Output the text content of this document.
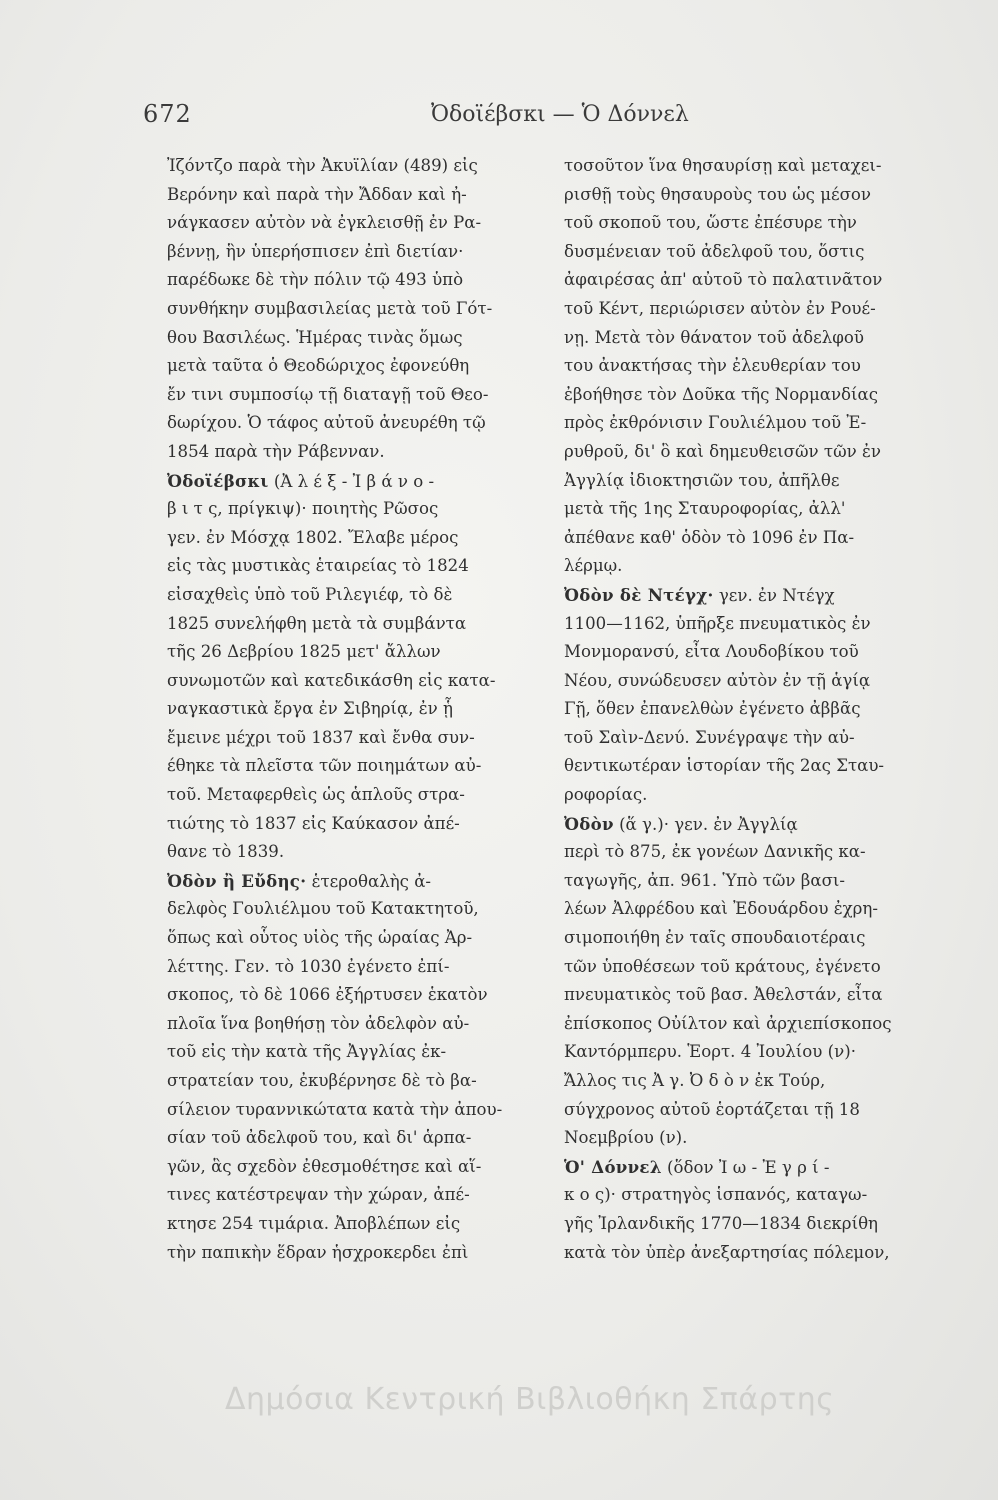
672	Ὀδοϊέβσκι — Ὁ Δόννελ
Ἰζόντζο παρὰ τὴν Ἀκυϊλίαν (489) εἰς
Βερόνην καὶ παρὰ τὴν Ἄδδαν καὶ ἠ-
νάγκασεν αὐτὸν νὰ ἐγκλεισθῇ ἐν Ρα-
βέννῃ, ἣν ὑπερήσπισεν ἐπὶ διετίαν·
παρέδωκε δὲ τὴν πόλιν τῷ 493 ὑπὸ
συνθήκην συμβασιλείας μετὰ τοῦ Γότ-
θου Βασιλέως. Ἡμέρας τινὰς ὅμως
μετὰ ταῦτα ὁ Θεοδώριχος ἐφονεύθη
ἔν τινι συμποσίῳ τῇ διαταγῇ τοῦ Θεο-
δωρίχου. Ὁ τάφος αὐτοῦ ἀνευρέθη τῷ
1854 παρὰ τὴν Ράβενναν.
Ὀδοϊέβσκι (Ἀ λ έ ξ - Ἰ β ά ν ο -
β ι τ ς, πρίγκιψ)· ποιητὴς Ρῶσος
γεν. ἐν Μόσχᾳ 1802. Ἔλαβε μέρος
εἰς τὰς μυστικὰς ἑταιρείας τὸ 1824
εἰσαχθεὶς ὑπὸ τοῦ Ριλεγιέφ, τὸ δὲ
1825 συνελήφθη μετὰ τὰ συμβάντα
τῆς 26 Δεβρίου 1825 μετ' ἄλλων
συνωμοτῶν καὶ κατεδικάσθη εἰς κατα-
ναγκαστικὰ ἔργα ἐν Σιβηρίᾳ, ἐν ᾗ
ἔμεινε μέχρι τοῦ 1837 καὶ ἔνθα συν-
έθηκε τὰ πλεῖστα τῶν ποιημάτων αὐ-
τοῦ. Μεταφερθεὶς ὡς ἁπλοῦς στρα-
τιώτης τὸ 1837 εἰς Καύκασον ἀπέ-
θανε τὸ 1839.
Ὀδὸν ἢ Εὔδης· ἑτεροθαλὴς ἀ-
δελφὸς Γουλιέλμου τοῦ Κατακτητοῦ,
ὅπως καὶ οὗτος υἱὸς τῆς ὡραίας Ἀρ-
λέττης. Γεν. τὸ 1030 ἐγένετο ἐπί-
σκοπος, τὸ δὲ 1066 ἐξήρτυσεν ἑκατὸν
πλοῖα ἵνα βοηθήσῃ τὸν ἀδελφὸν αὐ-
τοῦ εἰς τὴν κατὰ τῆς Ἀγγλίας ἐκ-
στρατείαν του, ἐκυβέρνησε δὲ τὸ βα-
σίλειον τυραννικώτατα κατὰ τὴν ἀπου-
σίαν τοῦ ἀδελφοῦ του, καὶ δι' ἁρπα-
γῶν, ἃς σχεδὸν ἐθεσμοθέτησε καὶ αἵ-
τινες κατέστρεψαν τὴν χώραν, ἀπέ-
κτησε 254 τιμάρια. Ἀποβλέπων εἰς
τὴν παπικὴν ἕδραν ἡσχροκερδει ἐπὶ
τοσοῦτον ἵνα θησαυρίσῃ καὶ μεταχει-
ρισθῇ τοὺς θησαυροὺς του ὡς μέσον
τοῦ σκοποῦ του, ὥστε ἐπέσυρε τὴν
δυσμένειαν τοῦ ἀδελφοῦ του, ὅστις
ἀφαιρέσας ἀπ' αὐτοῦ τὸ παλατινᾶτον
τοῦ Κέντ, περιώρισεν αὐτὸν ἐν Ρουέ-
νῃ. Μετὰ τὸν θάνατον τοῦ ἀδελφοῦ
του ἀνακτήσας τὴν ἐλευθερίαν του
ἐβοήθησε τὸν Δοῦκα τῆς Νορμανδίας
πρὸς ἐκθρόνισιν Γουλιέλμου τοῦ Ἐ-
ρυθροῦ, δι' ὃ καὶ δημευθεισῶν τῶν ἐν
Ἀγγλίᾳ ἰδιοκτησιῶν του, ἀπῆλθε
μετὰ τῆς 1ης Σταυροφορίας, ἀλλ'
ἀπέθανε καθ' ὁδὸν τὸ 1096 ἐν Πα-
λέρμῳ.
Ὀδὸν δὲ Ντέγχ· γεν. ἐν Ντέγχ
1100—1162, ὑπῆρξε πνευματικὸς ἐν
Μονμορανσύ, εἶτα Λουδοβίκου τοῦ
Νέου, συνώδευσεν αὐτὸν ἐν τῇ ἁγίᾳ
Γῇ, ὅθεν ἐπανελθὼν ἐγένετο ἀββᾶς
τοῦ Σαὶν-Δενύ. Συνέγραψε τὴν αὐ-
θεντικωτέραν ἱστορίαν τῆς 2ας Σταυ-
ροφορίας.
Ὀδὸν (ἅ γ.)· γεν. ἐν Ἀγγλίᾳ
περὶ τὸ 875, ἐκ γονέων Δανικῆς κα-
ταγωγῆς, ἀπ. 961. Ὑπὸ τῶν βασι-
λέων Ἀλφρέδου καὶ Ἐδουάρδου ἐχρη-
σιμοποιήθη ἐν ταῖς σπουδαιοτέραις
τῶν ὑποθέσεων τοῦ κράτους, ἐγένετο
πνευματικὸς τοῦ βασ. Ἀθελστάν, εἶτα
ἐπίσκοπος Οὐίλτον καὶ ἀρχιεπίσκοπος
Καντόρμπερυ. Ἑορτ. 4 Ἰουλίου (ν)·
Ἄλλος τις Ἀ γ. Ὀ δ ὸ ν ἐκ Τούρ,
σύγχρονος αὐτοῦ ἑορτάζεται τῇ 18
Νοεμβρίου (ν).
Ὁ' Δόννελ (ὅδον Ἰ ω - Ἐ γ ρ ί -
κ ο ς)· στρατηγὸς ἱσπανός, καταγω-
γῆς Ἰρλανδικῆς 1770—1834 διεκρίθη
κατὰ τὸν ὑπὲρ ἀνεξαρτησίας πόλεμον,
Δημόσια Κεντρική Βιβλιοθήκη Σπάρτης
